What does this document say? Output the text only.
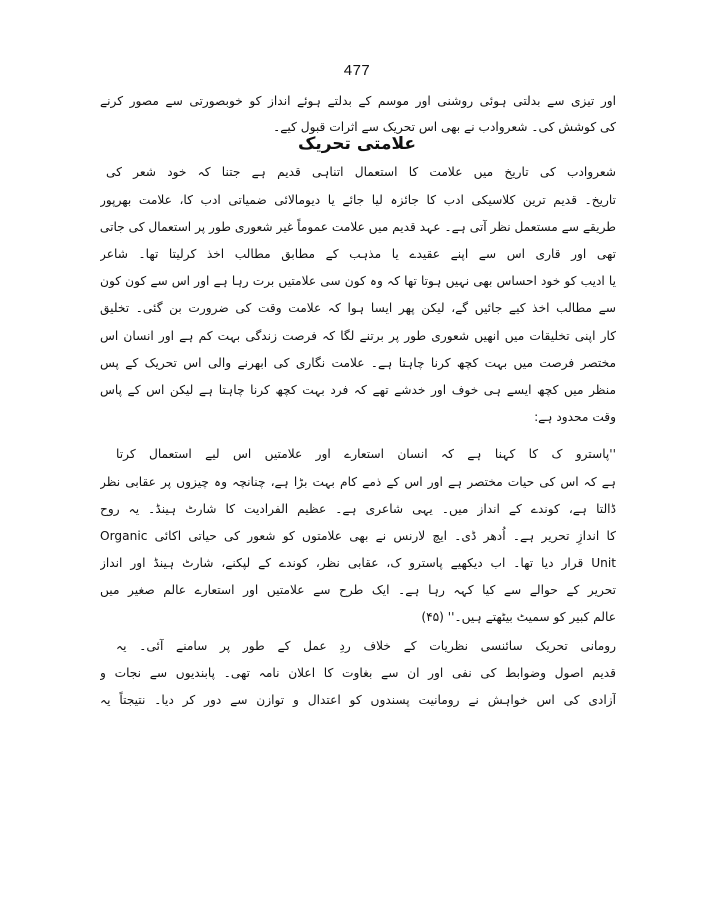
477
اور تیزی سے بدلتی ہوئی روشنی اور موسم کے بدلتے ہوئے انداز کو خوبصورتی سے مصور کرنے
کی کوشش کی۔ شعروادب نے بھی اس تحریک سے اثرات قبول کیے۔
علامتی تحریک
شعروادب کی تاریخ میں علامت کا استعمال اتناہی قدیم ہے جتنا کہ خود شعر کی
تاریخ۔ قدیم ترین کلاسیکی ادب کا جائزہ لیا جائے یا دیومالائی ضمیاتی ادب کا، علامت بھرپور
طریقے سے مستعمل نظر آتی ہے۔ عہد قدیم میں علامت عموماً غیر شعوری طور پر استعمال کی جاتی
تھی اور قاری اس سے اپنے عقیدے یا مذہب کے مطابق مطالب اخذ کرلیتا تھا۔ شاعر
یا ادیب کو خود احساس بھی نہیں ہوتا تھا کہ وہ کون سی علامتیں برت رہا ہے اور اس سے کون کون
سے مطالب اخذ کیے جائیں گے، لیکن پھر ایسا ہوا کہ علامت وقت کی ضرورت بن گئی۔ تخلیق
کار اپنی تخلیقات میں انھیں شعوری طور پر برتنے لگا کہ فرصت زندگی بہت کم ہے اور انسان اس
مختصر فرصت میں بہت کچھ کرنا چاہتا ہے۔ علامت نگاری کی ابھرنے والی اس تحریک کے پس
منظر میں کچھ ایسے ہی خوف اور خدشے تھے کہ فرد بہت کچھ کرنا چاہتا ہے لیکن اس کے پاس
وقت محدود ہے:
''پاسترو ک کا کہنا ہے کہ انسان استعارے اور علامتیں اس لیے استعمال کرتا
ہے کہ اس کی حیات مختصر ہے اور اس کے ذمے کام بہت بڑا ہے، چنانچہ وہ چیزوں پر عقابی نظر
ڈالتا ہے، کوندے کے انداز میں۔ یہی شاعری ہے۔ عظیم الفرادیت کا شارٹ ہینڈ۔ یہ روح
کا اندازِ تحریر ہے۔ اُدھر ڈی۔ ایچ لارنس نے بھی علامتوں کو شعور کی حیاتی اکائی Organic
Unit قرار دیا تھا۔ اب دیکھیے پاسترو ک، عقابی نظر، کوندے کے لپکنے، شارٹ ہینڈ اور انداز
تحریر کے حوالے سے کیا کہہ رہا ہے۔ ایک طرح سے علامتیں اور استعارے عالم صغیر میں
عالم کبیر کو سمیٹ بیٹھتے ہیں۔'' (۴۵)
رومانی تحریک سائنسی نظریات کے خلاف ردِ عمل کے طور پر سامنے آئی۔ یہ
قدیم اصول وضوابط کی نفی اور ان سے بغاوت کا اعلان نامہ تھی۔ پابندیوں سے نجات و
آزادی کی اس خواہش نے رومانیت پسندوں کو اعتدال و توازن سے دور کر دیا۔ نتیجتاً یہ
